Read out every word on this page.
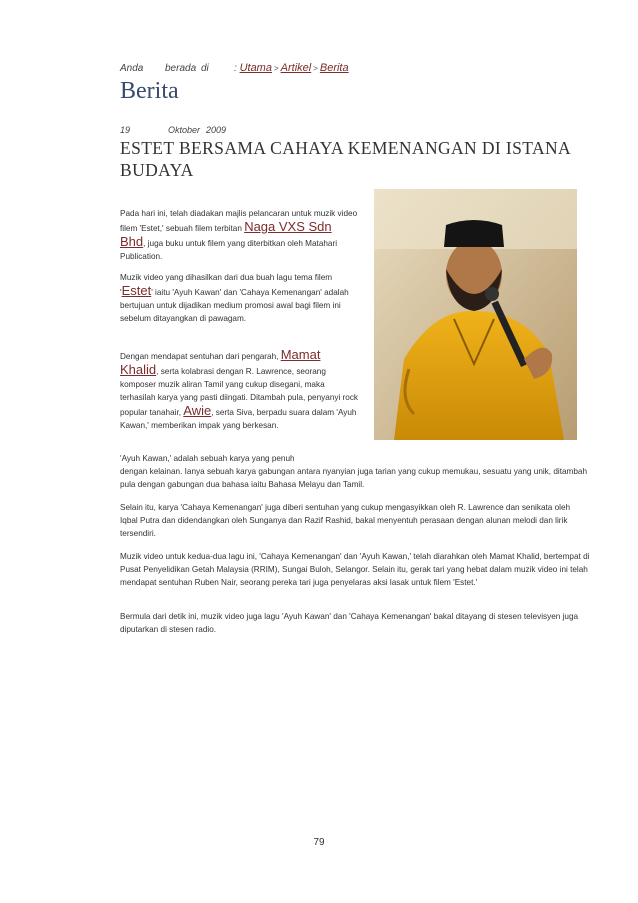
Anda berada di	: Utama > Artikel > Berita
Berita
19	Oktober 2009
ESTET BERSAMA CAHAYA KEMENANGAN DI ISTANA
BUDAYA
Pada hari ini, telah diadakan majlis pelancaran untuk muzik video filem 'Estet,' sebuah filem terbitan Naga VXS Sdn Bhd, juga buku untuk filem yang diterbitkan oleh Matahari Publication.
Muzik video yang dihasilkan dari dua buah lagu tema filem 'Estet' iaitu 'Ayuh Kawan' dan 'Cahaya Kemenangan' adalah bertujuan untuk dijadikan medium promosi awal bagi filem ini sebelum ditayangkan di pawagam.
Dengan mendapat sentuhan dari pengarah, Mamat Khalid, serta kolabrasi dengan R. Lawrence, seorang komposer muzik aliran Tamil yang cukup disegani, maka terhasilah karya yang pasti diingati. Ditambah pula, penyanyi rock popular tanahair, Awie, serta Siva, berpadu suara dalam 'Ayuh Kawan,' memberikan impak yang berkesan.
'Ayuh Kawan,' adalah sebuah karya yang penuh
dengan kelainan. Ianya sebuah karya gabungan antara nyanyian juga tarian yang cukup memukau, sesuatu yang unik, ditambah pula dengan gabungan dua bahasa iaitu Bahasa Melayu dan Tamil.
Selain itu, karya 'Cahaya Kemenangan' juga diberi sentuhan yang cukup mengasyikkan oleh R. Lawrence dan senikata oleh Iqbal Putra dan didendangkan oleh Sunganya dan Razif Rashid, bakal menyentuh perasaan dengan alunan melodi dan lirik tersendiri.
Muzik video untuk kedua-dua lagu ini, 'Cahaya Kemenangan' dan 'Ayuh Kawan,' telah diarahkan oleh Mamat Khalid, bertempat di Pusat Penyelidikan Getah Malaysia (RRIM), Sungai Buloh, Selangor. Selain itu, gerak tari yang hebat dalam muzik video ini telah mendapat sentuhan Ruben Nair, seorang pereka tari juga penyelaras aksi lasak untuk filem 'Estet.'
Bermula dari detik ini, muzik video juga lagu 'Ayuh Kawan' dan 'Cahaya Kemenangan' bakal ditayang di stesen televisyen juga diputarkan di stesen radio.
79
